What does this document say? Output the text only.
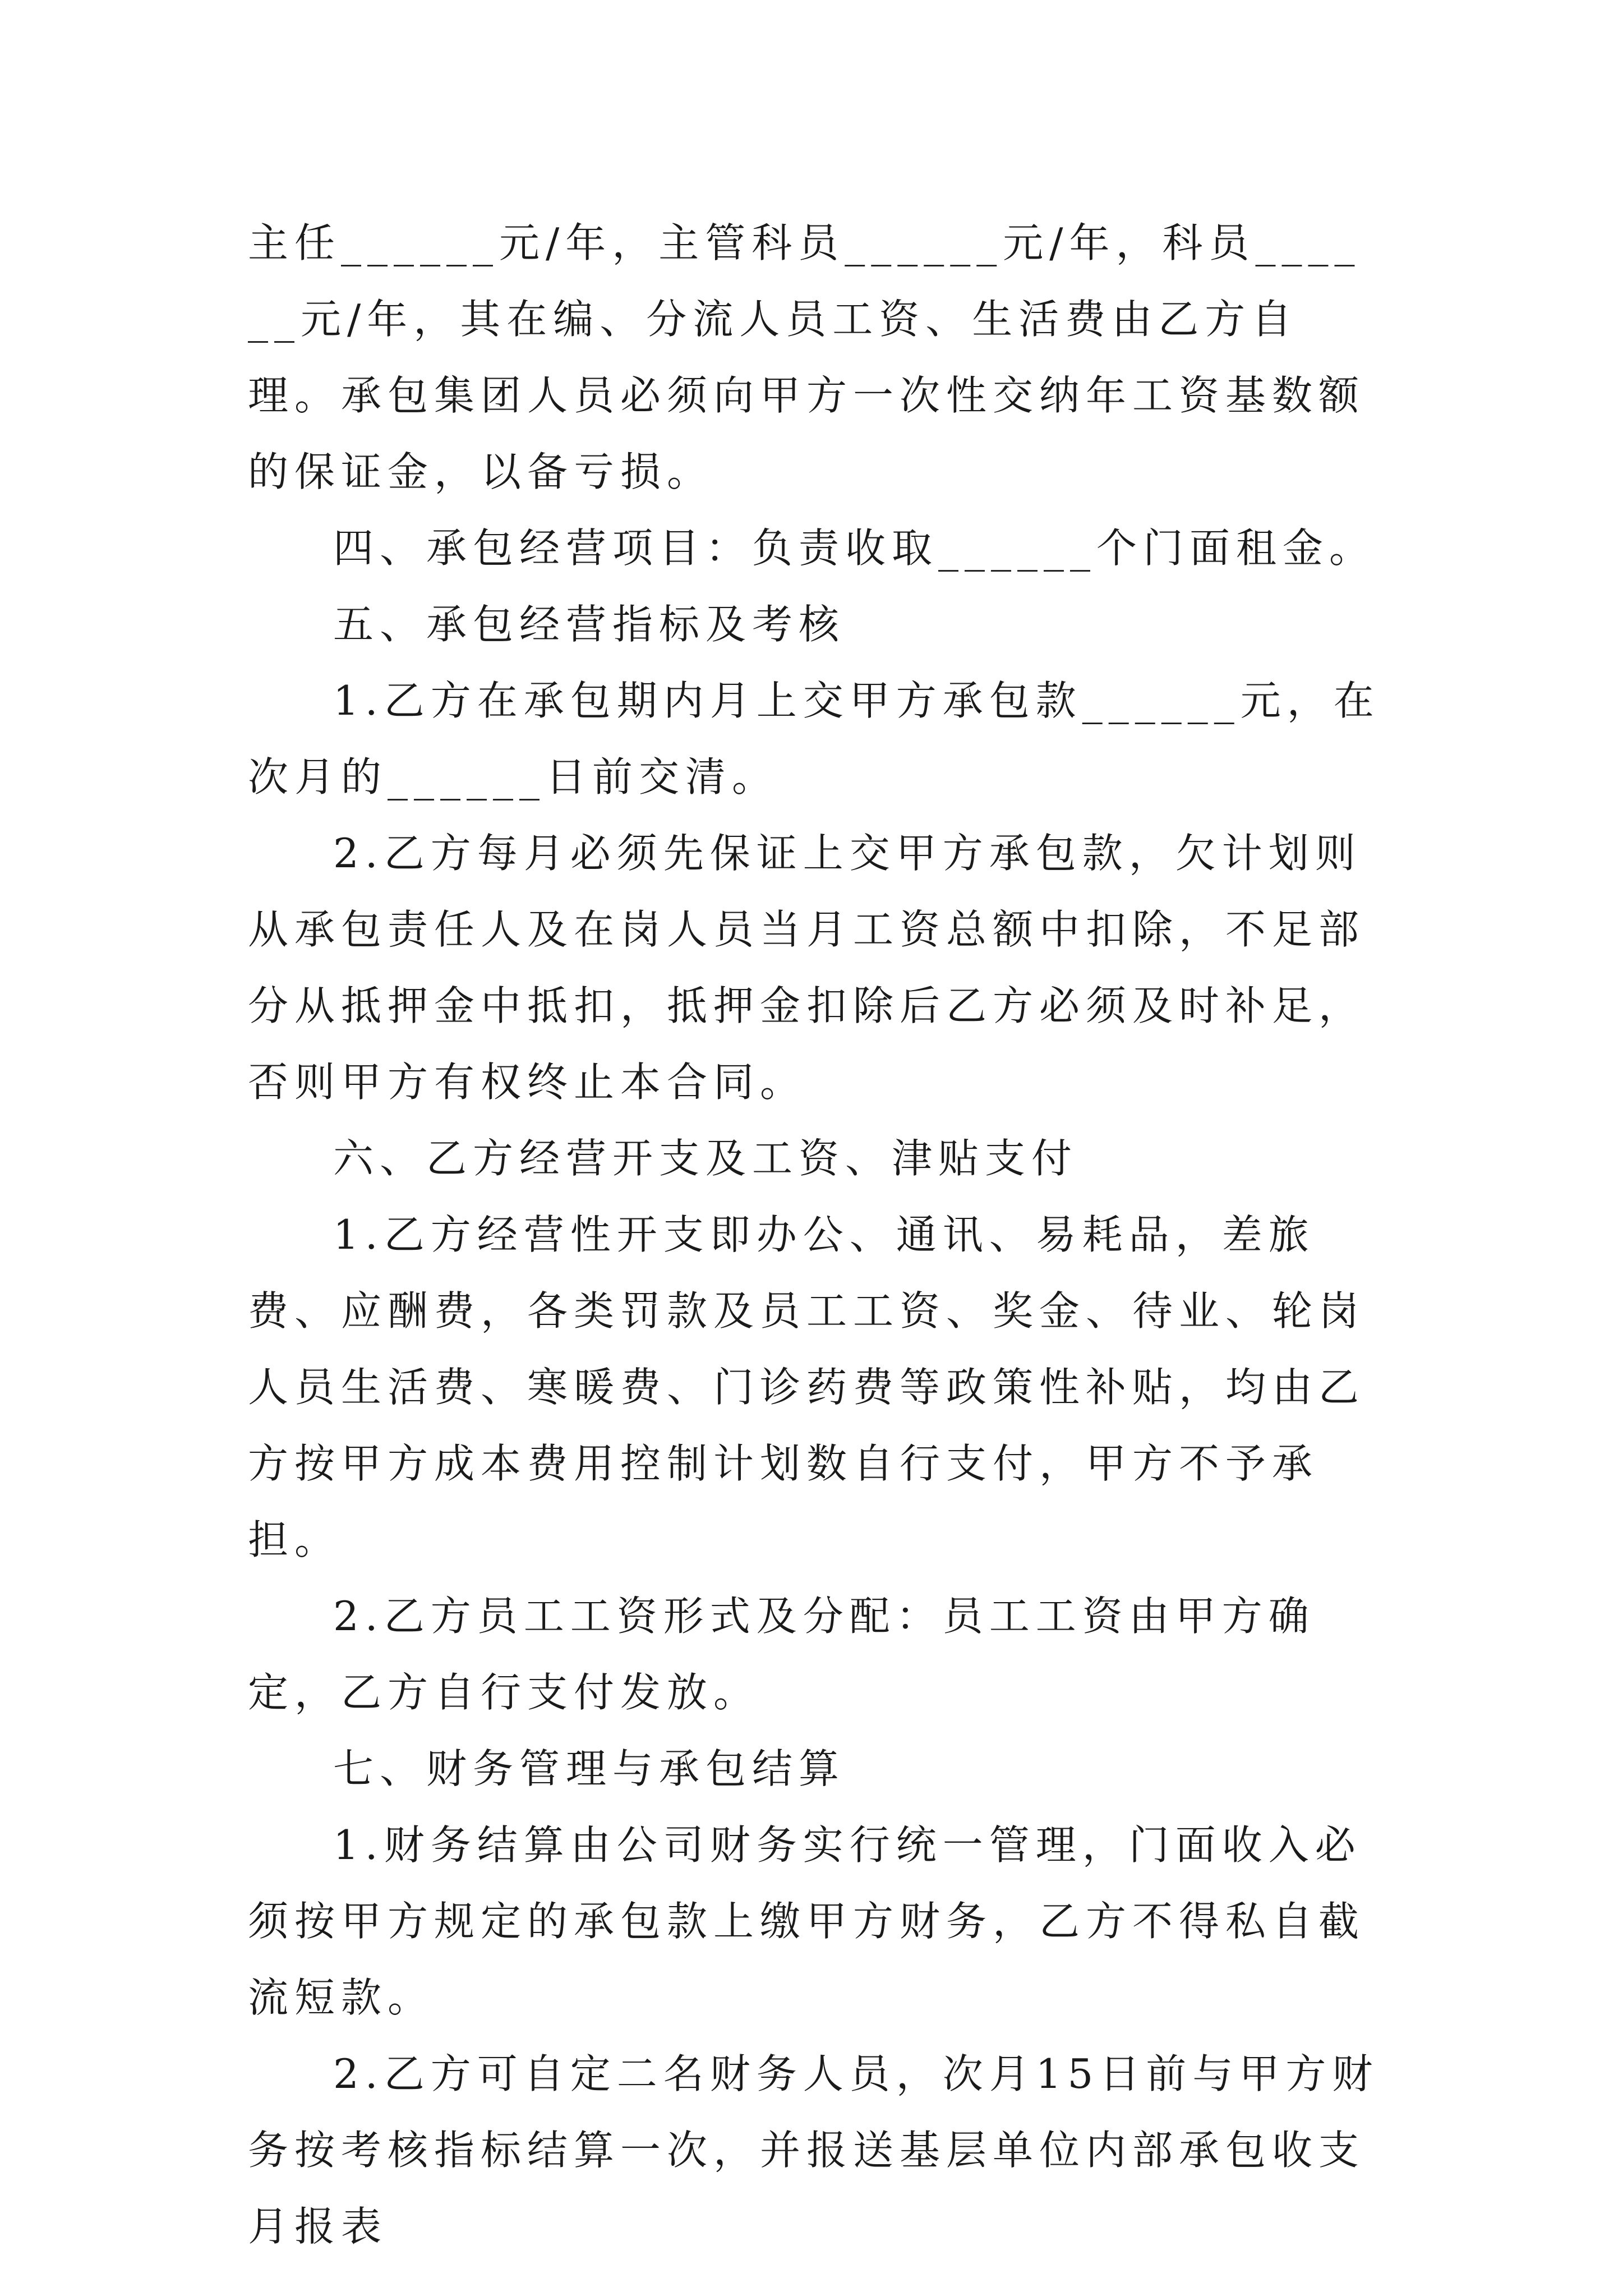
主任______元/年，主管科员______元/年，科员______元/年，其在编、分流人员工资、生活费由乙方自理。承包集团人员必须向甲方一次性交纳年工资基数额的保证金，以备亏损。

四、承包经营项目：负责收取______个门面租金。

五、承包经营指标及考核

1.乙方在承包期内月上交甲方承包款______元，在次月的______日前交清。

2.乙方每月必须先保证上交甲方承包款，欠计划则从承包责任人及在岗人员当月工资总额中扣除，不足部分从抵押金中抵扣，抵押金扣除后乙方必须及时补足，否则甲方有权终止本合同。

六、乙方经营开支及工资、津贴支付

1.乙方经营性开支即办公、通讯、易耗品，差旅费、应酬费，各类罚款及员工工资、奖金、待业、轮岗人员生活费、寒暖费、门诊药费等政策性补贴，均由乙方按甲方成本费用控制计划数自行支付，甲方不予承担。

2.乙方员工工资形式及分配：员工工资由甲方确定，乙方自行支付发放。

七、财务管理与承包结算

1.财务结算由公司财务实行统一管理，门面收入必须按甲方规定的承包款上缴甲方财务，乙方不得私自截流短款。

2.乙方可自定二名财务人员，次月15日前与甲方财务按考核指标结算一次，并报送基层单位内部承包收支月报表
